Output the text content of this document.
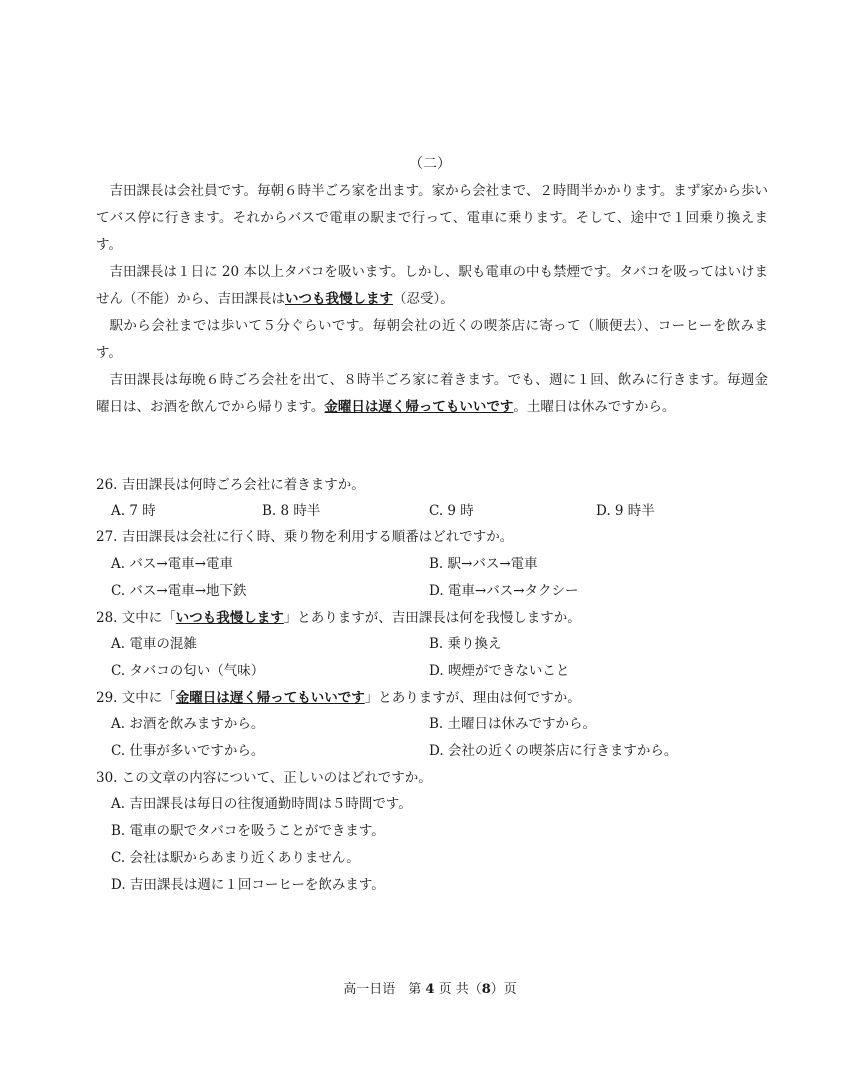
（二）

吉田課長は会社員です。毎朝６時半ごろ家を出ます。家から会社まで、２時間半かかります。まず家から歩いてバス停に行きます。それからバスで電車の駅まで行って、電車に乗ります。そして、途中で１回乗り換えます。

吉田課長は１日に 20 本以上タバコを吸います。しかし、駅も電車の中も禁煙です。タバコを吸ってはいけません（不能）から、吉田課長はいつも我慢します（忍受）。

駅から会社までは歩いて５分ぐらいです。毎朝会社の近くの喫茶店に寄って（顺便去）、コーヒーを飲みます。

吉田課長は毎晩６時ごろ会社を出て、８時半ごろ家に着きます。でも、週に１回、飲みに行きます。毎週金曜日は、お酒を飲んでから帰ります。金曜日は遅く帰ってもいいです。土曜日は休みですから。

26. 吉田課長は何時ごろ会社に着きますか。
A. 7 時	B. 8 時半	C. 9 時	D. 9 時半
27. 吉田課長は会社に行く時、乗り物を利用する順番はどれですか。
A. バス→電車→電車	B. 駅→バス→電車
C. バス→電車→地下鉄	D. 電車→バス→タクシー
28. 文中に「いつも我慢します」とありますが、吉田課長は何を我慢しますか。
A. 電車の混雑	B. 乗り換え
C. タバコの匂い（气味）	D. 喫煙ができないこと
29. 文中に「金曜日は遅く帰ってもいいです」とありますが、理由は何ですか。
A. お酒を飲みますから。	B. 土曜日は休みですから。
C. 仕事が多いですから。	D. 会社の近くの喫茶店に行きますから。
30. この文章の内容について、正しいのはどれですか。
A. 吉田課長は毎日の往復通勤時間は５時間です。
B. 電車の駅でタバコを吸うことができます。
C. 会社は駅からあまり近くありません。
D. 吉田課長は週に１回コーヒーを飲みます。
高一日语　第 4 页 共（8）页
